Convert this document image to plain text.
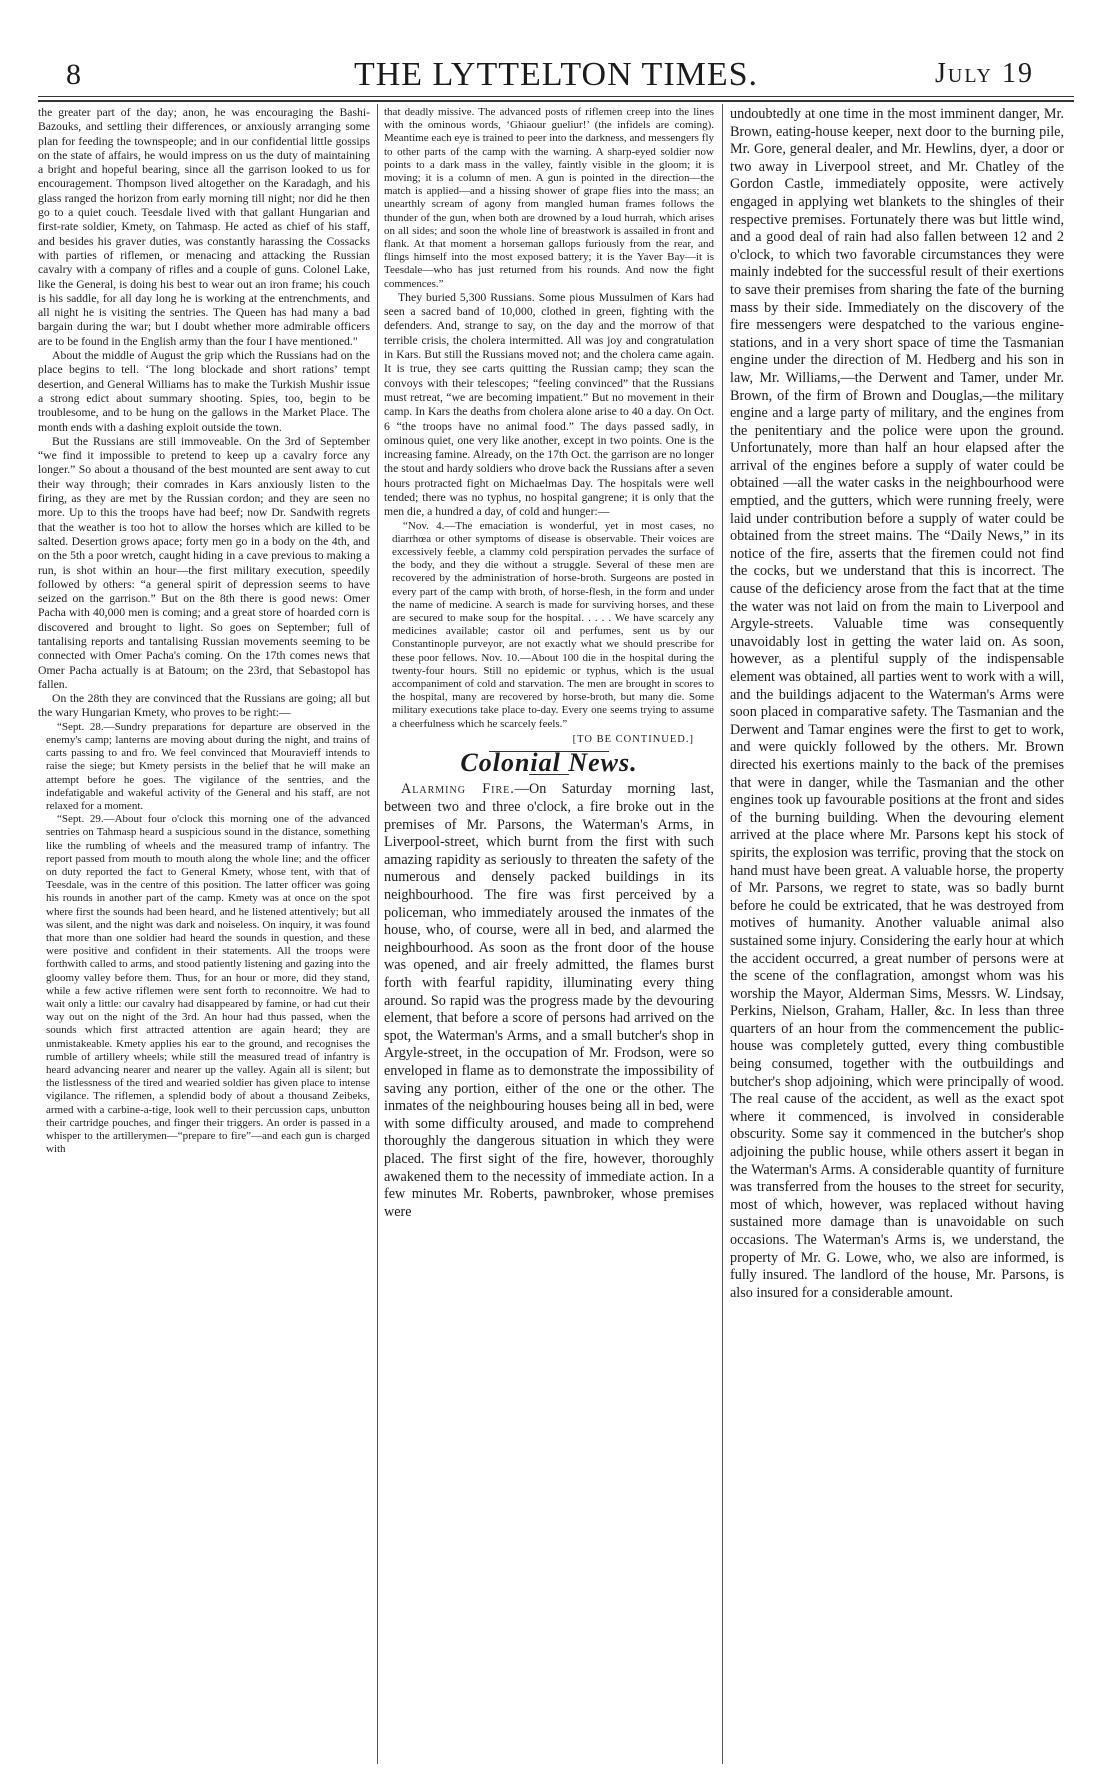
8	THE LYTTELTON TIMES.	July 19

the greater part of the day; anon, he was encouraging the Bashi-Bazouks, and settling their differences, or anxiously arranging some plan for feeding the townspeople; and in our confidential little gossips on the state of affairs, he would impress on us the duty of maintaining a bright and hopeful bearing, since all the garrison looked to us for encouragement. Thompson lived altogether on the Karadagh, and his glass ranged the horizon from early morning till night; nor did he then go to a quiet couch. Teesdale lived with that gallant Hungarian and first-rate soldier, Kmety, on Tahmasp. He acted as chief of his staff, and besides his graver duties, was constantly harassing the Cossacks with parties of riflemen, or menacing and attacking the Russian cavalry with a company of rifles and a couple of guns. Colonel Lake, like the General, is doing his best to wear out an iron frame; his couch is his saddle, for all day long he is working at the entrenchments, and all night he is visiting the sentries. The Queen has had many a bad bargain during the war; but I doubt whether more admirable officers are to be found in the English army than the four I have mentioned."

About the middle of August the grip which the Russians had on the place begins to tell. ‘The long blockade and short rations’ tempt desertion, and General Williams has to make the Turkish Mushir issue a strong edict about summary shooting. Spies, too, begin to be troublesome, and to be hung on the gallows in the Market Place. The month ends with a dashing exploit outside the town.

But the Russians are still immoveable. On the 3rd of September “we find it impossible to pretend to keep up a cavalry force any longer.” So about a thousand of the best mounted are sent away to cut their way through; their comrades in Kars anxiously listen to the firing, as they are met by the Russian cordon; and they are seen no more. Up to this the troops have had beef; now Dr. Sandwith regrets that the weather is too hot to allow the horses which are killed to be salted. Desertion grows apace; forty men go in a body on the 4th, and on the 5th a poor wretch, caught hiding in a cave previous to making a run, is shot within an hour—the first military execution, speedily followed by others: “a general spirit of depression seems to have seized on the garrison.” But on the 8th there is good news: Omer Pacha with 40,000 men is coming; and a great store of hoarded corn is discovered and brought to light. So goes on September; full of tantalising reports and tantalising Russian movements seeming to be connected with Omer Pacha's coming. On the 17th comes news that Omer Pacha actually is at Batoum; on the 23rd, that Sebastopol has fallen.

On the 28th they are convinced that the Russians are going; all but the wary Hungarian Kmety, who proves to be right:—

“Sept. 28.—Sundry preparations for departure are observed in the enemy's camp; lanterns are moving about during the night, and trains of carts passing to and fro. We feel convinced that Mouravieff intends to raise the siege; but Kmety persists in the belief that he will make an attempt before he goes. The vigilance of the sentries, and the indefatigable and wakeful activity of the General and his staff, are not relaxed for a moment.

“Sept. 29.—About four o'clock this morning one of the advanced sentries on Tahmasp heard a suspicious sound in the distance, something like the rumbling of wheels and the measured tramp of infantry. The report passed from mouth to mouth along the whole line; and the officer on duty reported the fact to General Kmety, whose tent, with that of Teesdale, was in the centre of this position. The latter officer was going his rounds in another part of the camp. Kmety was at once on the spot where first the sounds had been heard, and he listened attentively; but all was silent, and the night was dark and noiseless. On inquiry, it was found that more than one soldier had heard the sounds in question, and these were positive and confident in their statements. All the troops were forthwith called to arms, and stood patiently listening and gazing into the gloomy valley before them. Thus, for an hour or more, did they stand, while a few active riflemen were sent forth to reconnoitre. We had to wait only a little: our cavalry had disappeared by famine, or had cut their way out on the night of the 3rd. An hour had thus passed, when the sounds which first attracted attention are again heard; they are unmistakeable. Kmety applies his ear to the ground, and recognises the rumble of artillery wheels; while still the measured tread of infantry is heard advancing nearer and nearer up the valley. Again all is silent; but the listlessness of the tired and wearied soldier has given place to intense vigilance. The riflemen, a splendid body of about a thousand Zeibeks, armed with a carbine-a-tige, look well to their percussion caps, unbutton their cartridge pouches, and finger their triggers. An order is passed in a whisper to the artillerymen—“prepare to fire”—and each gun is charged with

that deadly missive. The advanced posts of riflemen creep into the lines with the ominous words, ‘Ghiaour gueliur!’ (the infidels are coming). Meantime each eye is trained to peer into the darkness, and messengers fly to other parts of the camp with the warning. A sharp-eyed soldier now points to a dark mass in the valley, faintly visible in the gloom; it is moving; it is a column of men. A gun is pointed in the direction—the match is applied—and a hissing shower of grape flies into the mass; an unearthly scream of agony from mangled human frames follows the thunder of the gun, when both are drowned by a loud hurrah, which arises on all sides; and soon the whole line of breastwork is assailed in front and flank. At that moment a horseman gallops furiously from the rear, and flings himself into the most exposed battery; it is the Yaver Bay—it is Teesdale—who has just returned from his rounds. And now the fight commences.”

They buried 5,300 Russians. Some pious Mussulmen of Kars had seen a sacred band of 10,000, clothed in green, fighting with the defenders. And, strange to say, on the day and the morrow of that terrible crisis, the cholera intermitted. All was joy and congratulation in Kars. But still the Russians moved not; and the cholera came again. It is true, they see carts quitting the Russian camp; they scan the convoys with their telescopes; “feeling convinced” that the Russians must retreat, “we are becoming impatient.” But no movement in their camp. In Kars the deaths from cholera alone arise to 40 a day. On Oct. 6 “the troops have no animal food.” The days passed sadly, in ominous quiet, one very like another, except in two points. One is the increasing famine. Already, on the 17th Oct. the garrison are no longer the stout and hardy soldiers who drove back the Russians after a seven hours protracted fight on Michaelmas Day. The hospitals were well tended; there was no typhus, no hospital gangrene; it is only that the men die, a hundred a day, of cold and hunger:—

“Nov. 4.—The emaciation is wonderful, yet in most cases, no diarrhœa or other symptoms of disease is observable. Their voices are excessively feeble, a clammy cold perspiration pervades the surface of the body, and they die without a struggle. Several of these men are recovered by the administration of horse-broth. Surgeons are posted in every part of the camp with broth, of horse-flesh, in the form and under the name of medicine. A search is made for surviving horses, and these are secured to make soup for the hospital. . . . . We have scarcely any medicines available; castor oil and perfumes, sent us by our Constantinople purveyor, are not exactly what we should prescribe for these poor fellows. Nov. 10.—About 100 die in the hospital during the twenty-four hours. Still no epidemic or typhus, which is the usual accompaniment of cold and starvation. The men are brought in scores to the hospital, many are recovered by horse-broth, but many die. Some military executions take place to-day. Every one seems trying to assume a cheerfulness which he scarcely feels.”

[TO BE CONTINUED.]
Colonial News.

Alarming Fire.—On Saturday morning last, between two and three o'clock, a fire broke out in the premises of Mr. Parsons, the Waterman's Arms, in Liverpool-street, which burnt from the first with such amazing rapidity as seriously to threaten the safety of the numerous and densely packed buildings in its neighbourhood. The fire was first perceived by a policeman, who immediately aroused the inmates of the house, who, of course, were all in bed, and alarmed the neighbourhood. As soon as the front door of the house was opened, and air freely admitted, the flames burst forth with fearful rapidity, illuminating every thing around. So rapid was the progress made by the devouring element, that before a score of persons had arrived on the spot, the Waterman's Arms, and a small butcher's shop in Argyle-street, in the occupation of Mr. Frodson, were so enveloped in flame as to demonstrate the impossibility of saving any portion, either of the one or the other. The inmates of the neighbouring houses being all in bed, were with some difficulty aroused, and made to comprehend thoroughly the dangerous situation in which they were placed. The first sight of the fire, however, thoroughly awakened them to the necessity of immediate action. In a few minutes Mr. Roberts, pawnbroker, whose premises were

undoubtedly at one time in the most imminent danger, Mr. Brown, eating-house keeper, next door to the burning pile, Mr. Gore, general dealer, and Mr. Hewlins, dyer, a door or two away in Liverpool street, and Mr. Chatley of the Gordon Castle, immediately opposite, were actively engaged in applying wet blankets to the shingles of their respective premises. Fortunately there was but little wind, and a good deal of rain had also fallen between 12 and 2 o'clock, to which two favorable circumstances they were mainly indebted for the successful result of their exertions to save their premises from sharing the fate of the burning mass by their side. Immediately on the discovery of the fire messengers were despatched to the various engine-stations, and in a very short space of time the Tasmanian engine under the direction of M. Hedberg and his son in law, Mr. Williams,—the Derwent and Tamer, under Mr. Brown, of the firm of Brown and Douglas,—the military engine and a large party of military, and the engines from the penitentiary and the police were upon the ground. Unfortunately, more than half an hour elapsed after the arrival of the engines before a supply of water could be obtained —all the water casks in the neighbourhood were emptied, and the gutters, which were running freely, were laid under contribution before a supply of water could be obtained from the street mains. The “Daily News,” in its notice of the fire, asserts that the firemen could not find the cocks, but we understand that this is incorrect. The cause of the deficiency arose from the fact that at the time the water was not laid on from the main to Liverpool and Argyle-streets. Valuable time was consequently unavoidably lost in getting the water laid on. As soon, however, as a plentiful supply of the indispensable element was obtained, all parties went to work with a will, and the buildings adjacent to the Waterman's Arms were soon placed in comparative safety. The Tasmanian and the Derwent and Tamar engines were the first to get to work, and were quickly followed by the others. Mr. Brown directed his exertions mainly to the back of the premises that were in danger, while the Tasmanian and the other engines took up favourable positions at the front and sides of the burning building. When the devouring element arrived at the place where Mr. Parsons kept his stock of spirits, the explosion was terrific, proving that the stock on hand must have been great. A valuable horse, the property of Mr. Parsons, we regret to state, was so badly burnt before he could be extricated, that he was destroyed from motives of humanity. Another valuable animal also sustained some injury. Considering the early hour at which the accident occurred, a great number of persons were at the scene of the conflagration, amongst whom was his worship the Mayor, Alderman Sims, Messrs. W. Lindsay, Perkins, Nielson, Graham, Haller, &c. In less than three quarters of an hour from the commencement the public-house was completely gutted, every thing combustible being consumed, together with the outbuildings and butcher's shop adjoining, which were principally of wood. The real cause of the accident, as well as the exact spot where it commenced, is involved in considerable obscurity. Some say it commenced in the butcher's shop adjoining the public house, while others assert it began in the Waterman's Arms. A considerable quantity of furniture was transferred from the houses to the street for security, most of which, however, was replaced without having sustained more damage than is unavoidable on such occasions. The Waterman's Arms is, we understand, the property of Mr. G. Lowe, who, we also are informed, is fully insured. The landlord of the house, Mr. Parsons, is also insured for a considerable amount.
